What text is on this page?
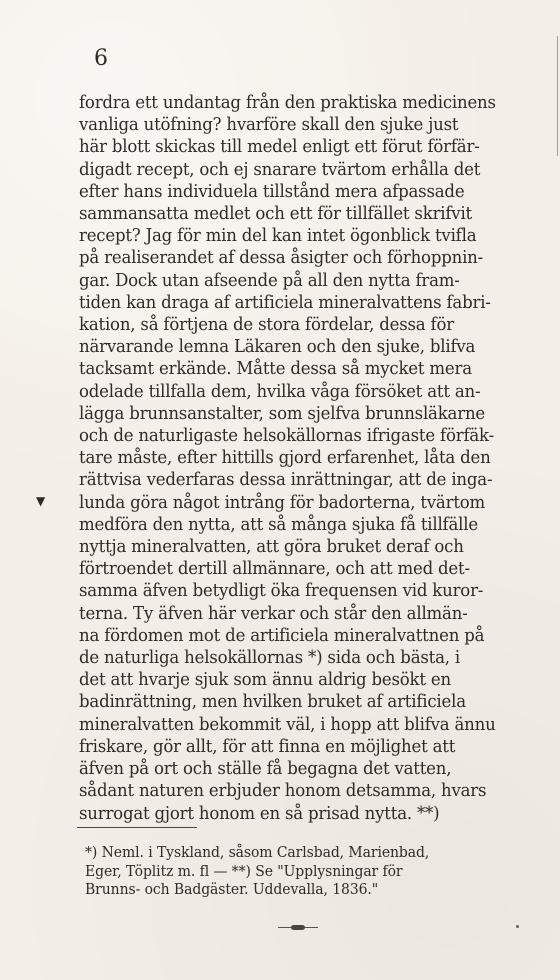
6
▼
fordra ett undantag från den praktiska medicinens
vanliga utöfning? hvarföre skall den sjuke just
här blott skickas till medel enligt ett förut förfär-
digadt recept, och ej snarare tvärtom erhålla det
efter hans individuela tillstånd mera afpassade
sammansatta medlet och ett för tillfället skrifvit
recept? Jag för min del kan intet ögonblick tvifla
på realiserandet af dessa åsigter och förhoppnin-
gar. Dock utan afseende på all den nytta fram-
tiden kan draga af artificiela mineralvattens fabri-
kation, så förtjena de stora fördelar, dessa för
närvarande lemna Läkaren och den sjuke, blifva
tacksamt erkände. Måtte dessa så mycket mera
odelade tillfalla dem, hvilka våga försöket att an-
lägga brunnsanstalter, som sjelfva brunnsläkarne
och de naturligaste helsokällornas ifrigaste förfäk-
tare måste, efter hittills gjord erfarenhet, låta den
rättvisa vederfaras dessa inrättningar, att de inga-
lunda göra något intrång för badorterna, tvärtom
medföra den nytta, att så många sjuka få tillfälle
nyttja mineralvatten, att göra bruket deraf och
förtroendet dertill allmännare, och att med det-
samma äfven betydligt öka frequensen vid kuror-
terna. Ty äfven här verkar och står den allmän-
na fördomen mot de artificiela mineralvattnen på
de naturliga helsokällornas *) sida och bästa, i
det att hvarje sjuk som ännu aldrig besökt en
badinrättning, men hvilken bruket af artificiela
mineralvatten bekommit väl, i hopp att blifva ännu
friskare, gör allt, för att finna en möjlighet att
äfven på ort och ställe få begagna det vatten,
sådant naturen erbjuder honom detsamma, hvars
surrogat gjort honom en så prisad nytta. **)
*) Neml. i Tyskland, såsom Carlsbad, Marienbad,
Eger, Töplitz m. fl — **) Se "Upplysningar för
Brunns- och Badgäster. Uddevalla, 1836."
